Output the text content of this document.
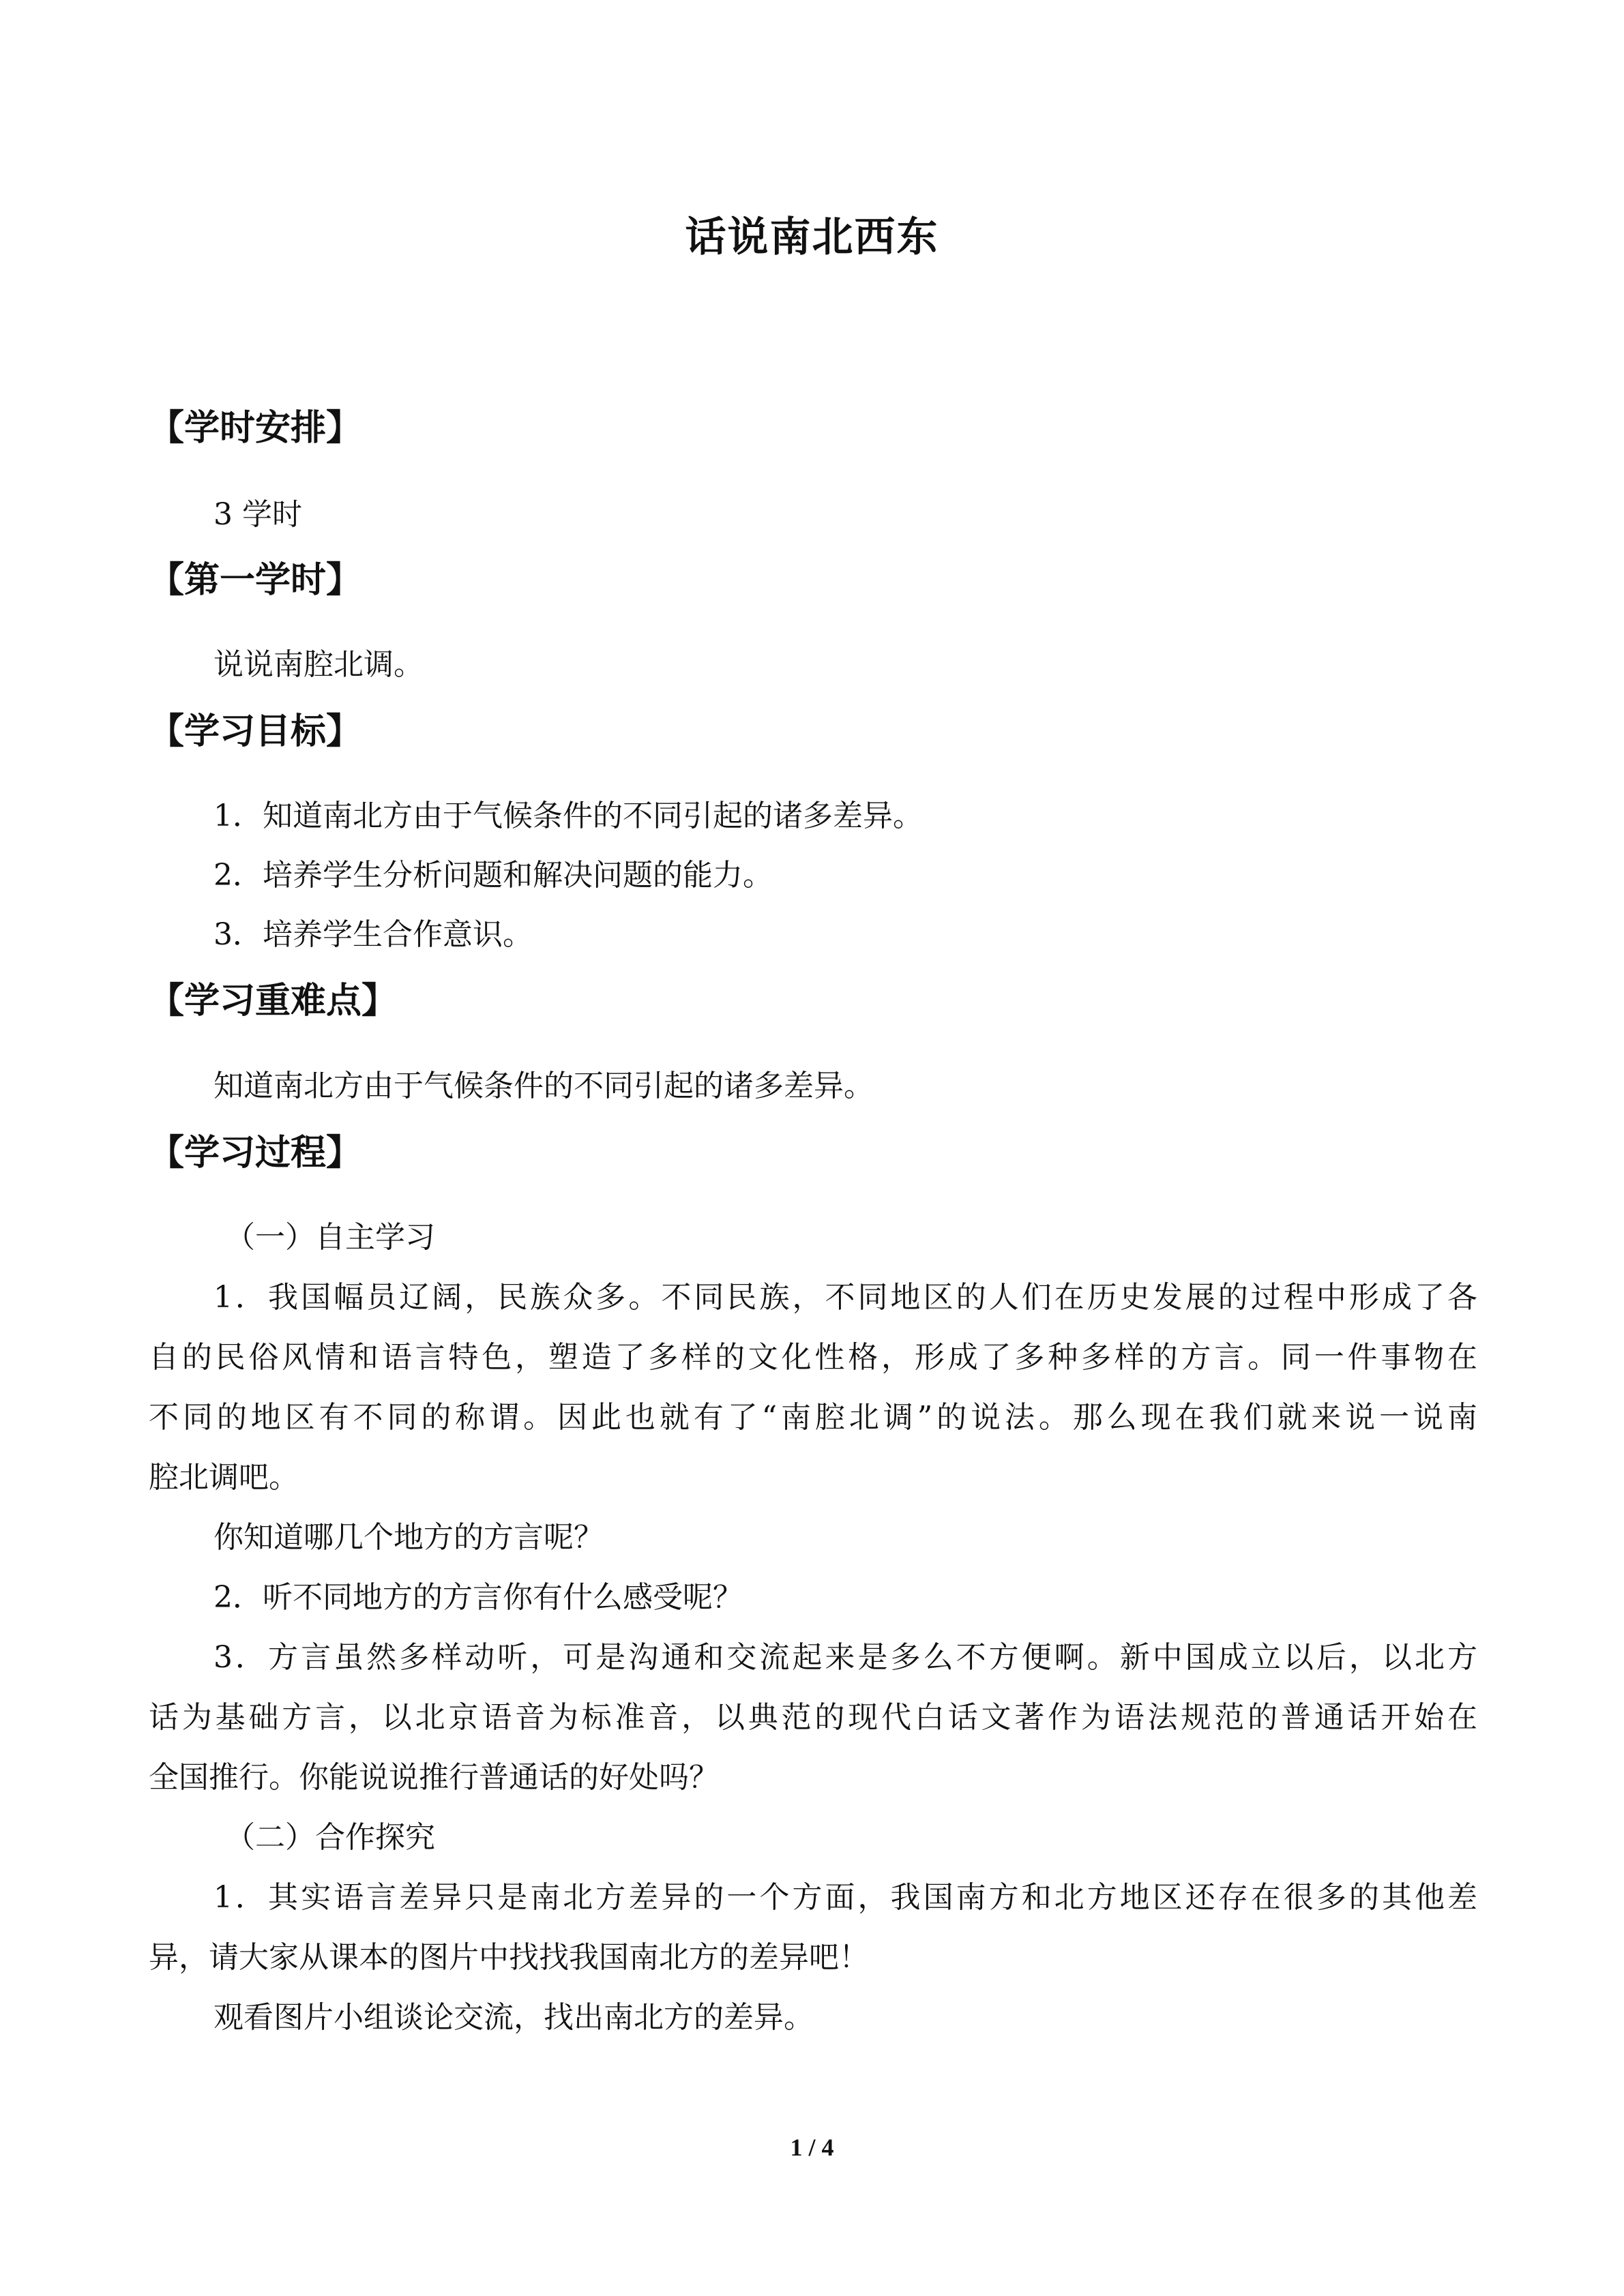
话说南北西东
【学时安排】
3 学时
【第一学时】
说说南腔北调。
【学习目标】
1．知道南北方由于气候条件的不同引起的诸多差异。
2．培养学生分析问题和解决问题的能力。
3．培养学生合作意识。
【学习重难点】
知道南北方由于气候条件的不同引起的诸多差异。
【学习过程】
（一）自主学习
1．我国幅员辽阔，民族众多。不同民族，不同地区的人们在历史发展的过程中形成了各
自的民俗风情和语言特色，塑造了多样的文化性格，形成了多种多样的方言。同一件事物在
不同的地区有不同的称谓。因此也就有了“南腔北调”的说法。那么现在我们就来说一说南
腔北调吧。
你知道哪几个地方的方言呢？
2．听不同地方的方言你有什么感受呢？
3．方言虽然多样动听，可是沟通和交流起来是多么不方便啊。新中国成立以后，以北方
话为基础方言，以北京语音为标准音，以典范的现代白话文著作为语法规范的普通话开始在
全国推行。你能说说推行普通话的好处吗？
（二）合作探究
1．其实语言差异只是南北方差异的一个方面，我国南方和北方地区还存在很多的其他差
异，请大家从课本的图片中找找我国南北方的差异吧！
观看图片小组谈论交流，找出南北方的差异。
1 / 4
